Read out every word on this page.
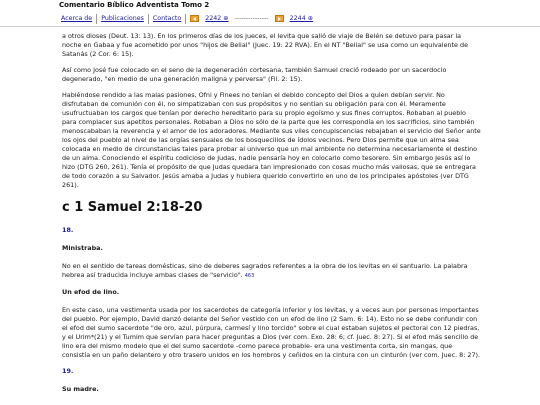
Comentario Bíblico Adventista Tomo 2
Acerca de	Publicaciones	Contacto	2242 ⊕ ---------------	2244 ⊕

a otros dioses (Deut. 13: 13). En los primeros días de los jueces, el levita que salió de viaje de Belén se detuvo para pasar la noche en Gabaa y fue acometido por unos "hijos de Belial" (Juec. 19: 22 RVA). En el NT "Belial" se usa como un equivalente de Satanás (2 Cor. 6: 15).

Así como José fue colocado en el seno de la degeneración cortesana, también Samuel creció rodeado por un sacerdocio degenerado, "en medio de una generación maligna y perversa" (Fil. 2: 15).

Habiéndose rendido a las malas pasiones, Ofni y Finees no tenían el debido concepto del Dios a quien debían servir. No disfrutaban de comunión con él, no simpatizaban con sus propósitos y no sentían su obligación para con él. Meramente usufructuaban los cargos que tenían por derecho hereditario para su propio egoísmo y sus fines corruptos. Robaban al pueblo para complacer sus apetitos personales. Robaban a Dios no sólo de la parte que les correspondía en los sacrificios, sino también menoscababan la reverencia y el amor de los adoradores. Mediante sus viles concupiscencias rebajaban el servicio del Señor ante los ojos del pueblo al nivel de las orgías sensuales de los bosquecillos de ídolos vecinos. Pero Dios permite que un alma sea colocada en medio de circunstancias tales para probar al universo que un mal ambiente no determina necesariamente el destino de un alma. Conociendo el espíritu codicioso de Judas, nadie pensaría hoy en colocarlo como tesorero. Sin embargo Jesús así lo hizo (DTG 260, 261). Tenía el propósito de que Judas quedara tan impresionado con cosas mucho más valiosas, que se entregara de todo corazón a su Salvador. Jesús amaba a Judas y hubiera querido convertirlo en uno de los principales apóstoles (ver DTG 261).

c 1 Samuel 2:18-20
18.
Ministraba.

No en el sentido de tareas domésticas, sino de deberes sagrados referentes a la obra de los levitas en el santuario. La palabra hebrea así traducida incluye ambas clases de "servicio". 463

Un efod de lino.

En este caso, una vestimenta usada por los sacerdotes de categoría inferior y los levitas, y a veces aun por personas importantes del pueblo. Por ejemplo, David danzó delante del Señor vestido con un efod de lino (2 Sam. 6: 14). Esto no se debe confundir con el efod del sumo sacerdote "de oro, azul, púrpura, carmesí y lino torcido" sobre el cual estaban sujetos el pectoral con 12 piedras, y el Urim*(21) y el Tumim que servían para hacer preguntas a Dios (ver com. Exo. 28: 6; cf. Juec. 8: 27). Si el efod más sencillo de lino era del mismo modelo que el del sumo sacerdote -como parece probable- era una vestimenta corta, sin mangas, que consistía en un paño delantero y otro trasero unidos en los hombros y ceñidos en la cintura con un cinturón (ver com. Juec. 8: 27).

19.
Su madre.
